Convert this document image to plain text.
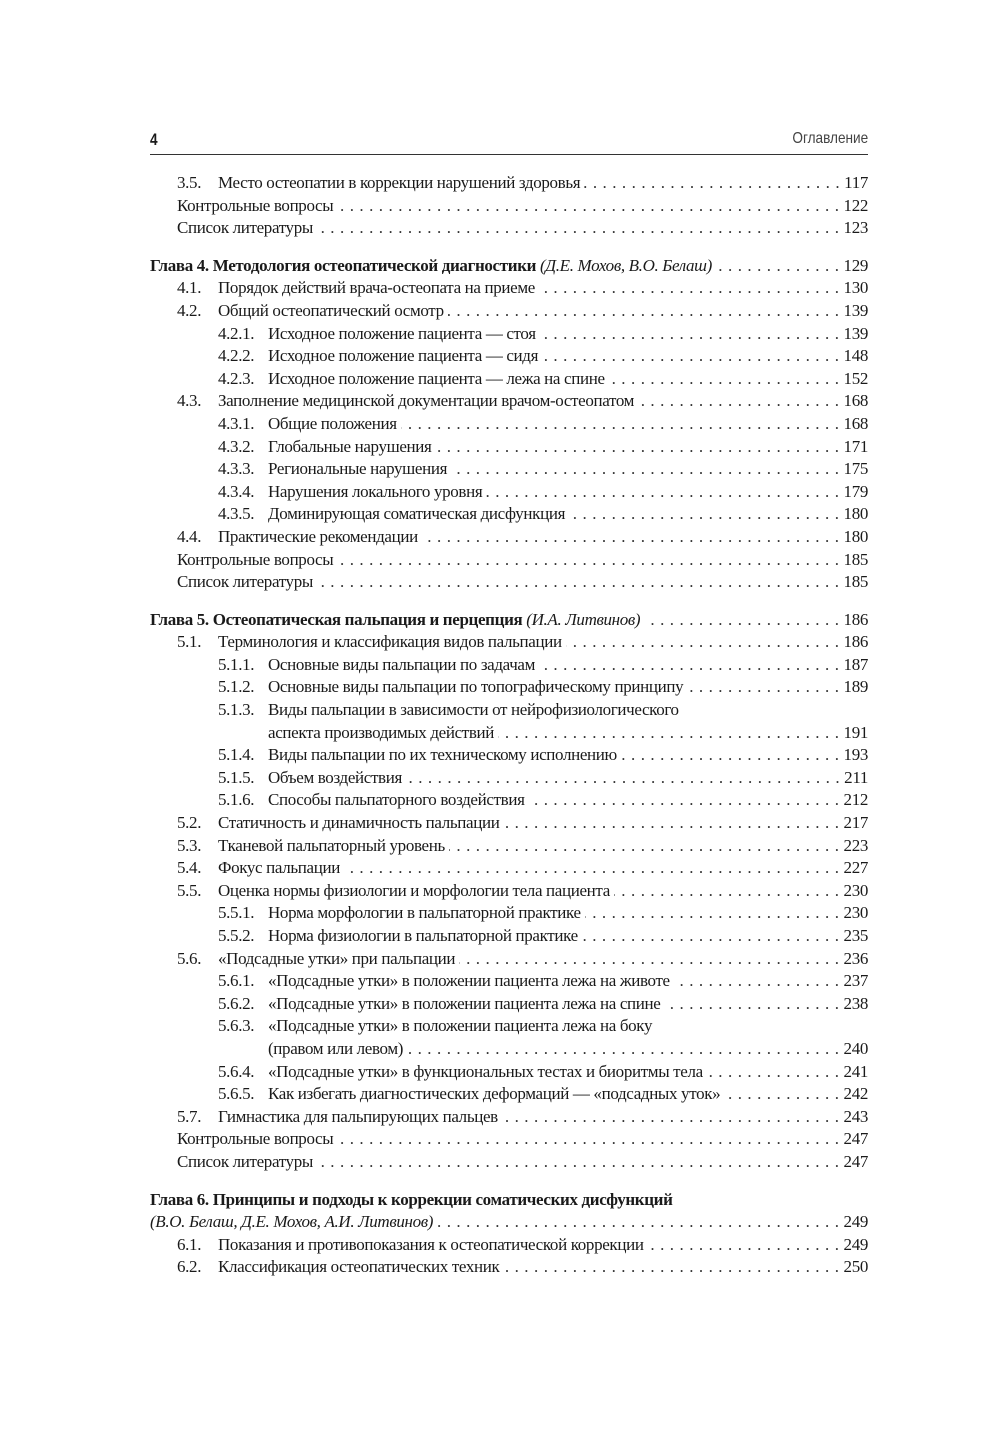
4	Оглавление
3.5. Место остеопатии в коррекции нарушений здоровья . . .	117
Контрольные вопросы . . .	122
Список литературы . . .	123
Глава 4. Методология остеопатической диагностики
(Д.Е. Мохов, В.О. Белаш) . . .	129
4.1. Порядок действий врача-остеопата на приеме . . .	130
4.2. Общий остеопатический осмотр . . .	139
4.2.1. Исходное положение пациента — стоя . . .	139
4.2.2. Исходное положение пациента — сидя . . .	148
4.2.3. Исходное положение пациента — лежа на спине . . .	152
4.3. Заполнение медицинской документации врачом-остеопатом . . .	168
4.3.1. Общие положения . . .	168
4.3.2. Глобальные нарушения . . .	171
4.3.3. Региональные нарушения . . .	175
4.3.4. Нарушения локального уровня . . .	179
4.3.5. Доминирующая соматическая дисфункция . . .	180
4.4. Практические рекомендации . . .	180
Контрольные вопросы . . .	185
Список литературы . . .	185
Глава 5. Остеопатическая пальпация и перцепция
(И.А. Литвинов) . . .	186
5.1. Терминология и классификация видов пальпации . . .	186
5.1.1. Основные виды пальпации по задачам . . .	187
5.1.2. Основные виды пальпации по топографическому принципу . . .	189
5.1.3. Виды пальпации в зависимости от нейрофизиологического
аспекта производимых действий . . .	191
5.1.4. Виды пальпации по их техническому исполнению . . .	193
5.1.5. Объем воздействия . . .	211
5.1.6. Способы пальпаторного воздействия . . .	212
5.2. Статичность и динамичность пальпации . . .	217
5.3. Тканевой пальпаторный уровень . . .	223
5.4. Фокус пальпации . . .	227
5.5. Оценка нормы физиологии и морфологии тела пациента . . .	230
5.5.1. Норма морфологии в пальпаторной практике . . .	230
5.5.2. Норма физиологии в пальпаторной практике . . .	235
5.6. «Подсадные утки» при пальпации . . .	236
5.6.1. «Подсадные утки» в положении пациента лежа на животе . . .	237
5.6.2. «Подсадные утки» в положении пациента лежа на спине . . .	238
5.6.3. «Подсадные утки» в положении пациента лежа на боку
(правом или левом) . . .	240
5.6.4. «Подсадные утки» в функциональных тестах и биоритмы тела . . .	241
5.6.5. Как избегать диагностических деформаций — «подсадных уток» . . .	242
5.7. Гимнастика для пальпирующих пальцев . . .	243
Контрольные вопросы . . .	247
Список литературы . . .	247
Глава 6. Принципы и подходы к коррекции соматических дисфункций
(В.О. Белаш, Д.Е. Мохов, А.И. Литвинов) . . .	249
6.1. Показания и противопоказания к остеопатической коррекции . . .	249
6.2. Классификация остеопатических техник . . .	250
